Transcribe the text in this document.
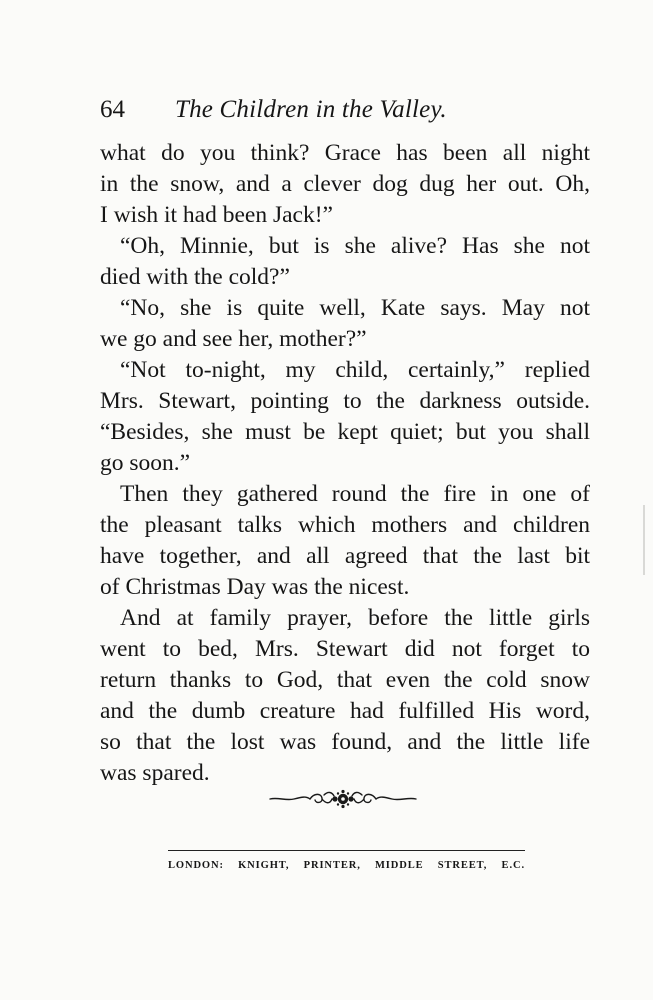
64 The Children in the Valley.
what do you think? Grace has been all night
in the snow, and a clever dog dug her out. Oh,
I wish it had been Jack!”
“Oh, Minnie, but is she alive? Has she not
died with the cold?”
“No, she is quite well, Kate says. May not
we go and see her, mother?”
“Not to-night, my child, certainly,” replied
Mrs. Stewart, pointing to the darkness outside.
“Besides, she must be kept quiet; but you shall
go soon.”
Then they gathered round the fire in one of
the pleasant talks which mothers and children
have together, and all agreed that the last bit
of Christmas Day was the nicest.
And at family prayer, before the little girls
went to bed, Mrs. Stewart did not forget to
return thanks to God, that even the cold snow
and the dumb creature had fulfilled His word,
so that the lost was found, and the little life
was spared.
LONDON: KNIGHT, PRINTER, MIDDLE STREET, E.C.
